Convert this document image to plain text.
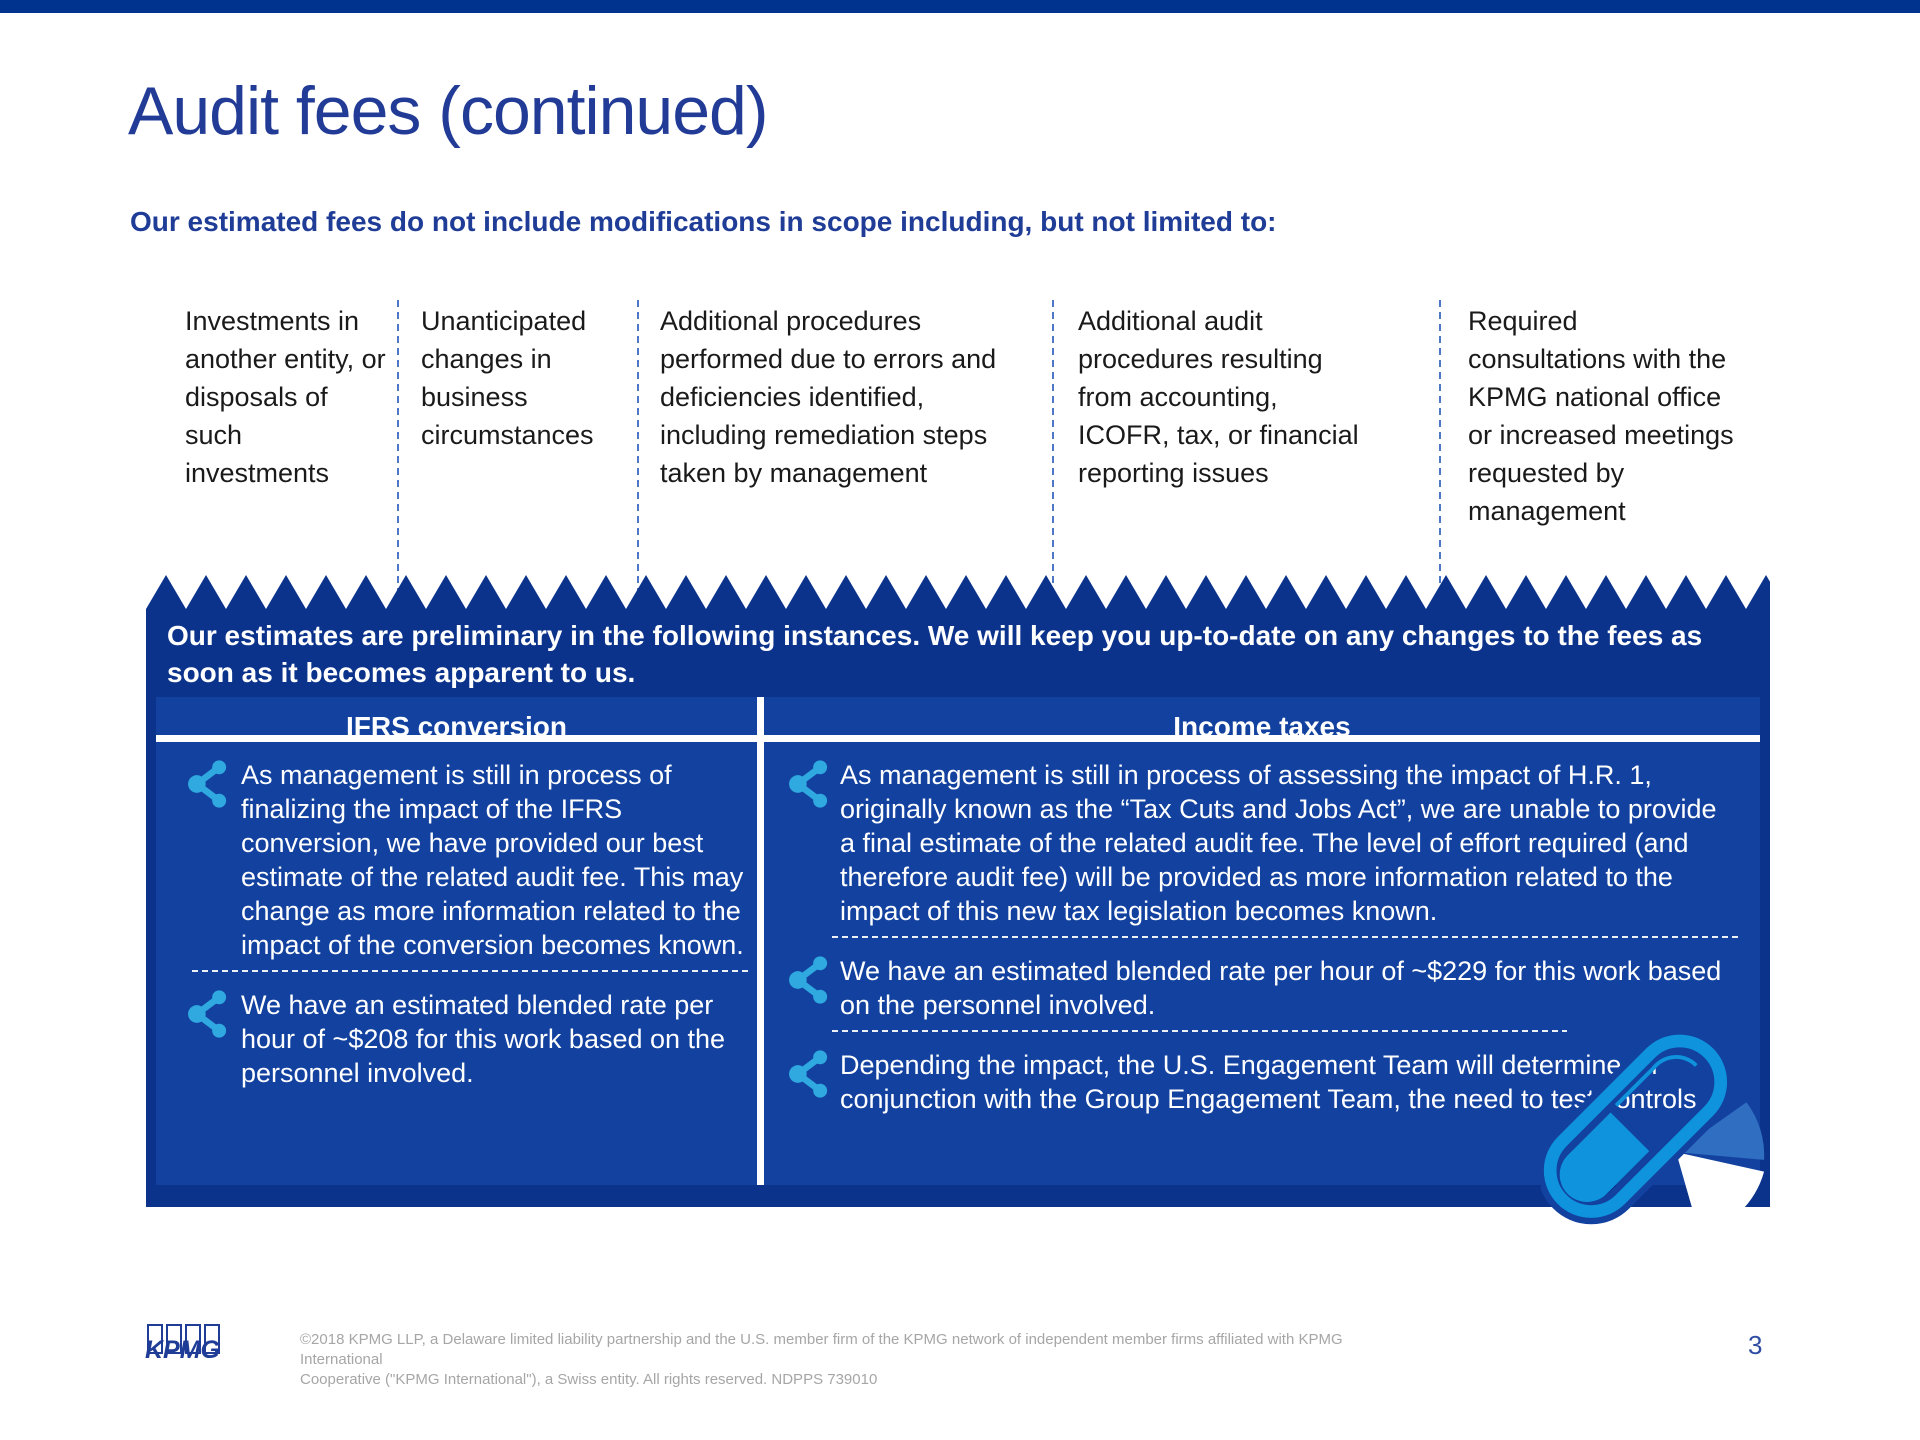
Audit fees (continued)
Our estimated fees do not include modifications in scope including, but not limited to:
Investments in another entity, or disposals of such investments
Unanticipated changes in business circumstances
Additional procedures performed due to errors and deficiencies identified, including remediation steps taken by management
Additional audit procedures resulting from accounting, ICOFR, tax, or financial reporting issues
Required consultations with the KPMG national office or increased meetings requested by management
Our estimates are preliminary in the following instances. We will keep you up-to-date on any changes to the fees as soon as it becomes apparent to us.
IFRS conversion
As management is still in process of finalizing the impact of the IFRS conversion, we have provided our best estimate of the related audit fee. This may change as more information related to the impact of the conversion becomes known.
We have an estimated blended rate per hour of ~$208 for this work based on the personnel involved.
Income taxes
As management is still in process of assessing the impact of H.R. 1, originally known as the “Tax Cuts and Jobs Act”, we are unable to provide a final estimate of the related audit fee. The level of effort required (and therefore audit fee) will be provided as more information related to the impact of this new tax legislation becomes known.
We have an estimated blended rate per hour of ~$229 for this work based on the personnel involved.
Depending the impact, the U.S. Engagement Team will determine, in conjunction with the Group Engagement Team, the need to test controls.
KPMG	©2018 KPMG LLP, a Delaware limited liability partnership and the U.S. member firm of the KPMG network of independent member firms affiliated with KPMG International
Cooperative ("KPMG International"), a Swiss entity. All rights reserved. NDPPS 739010
3
